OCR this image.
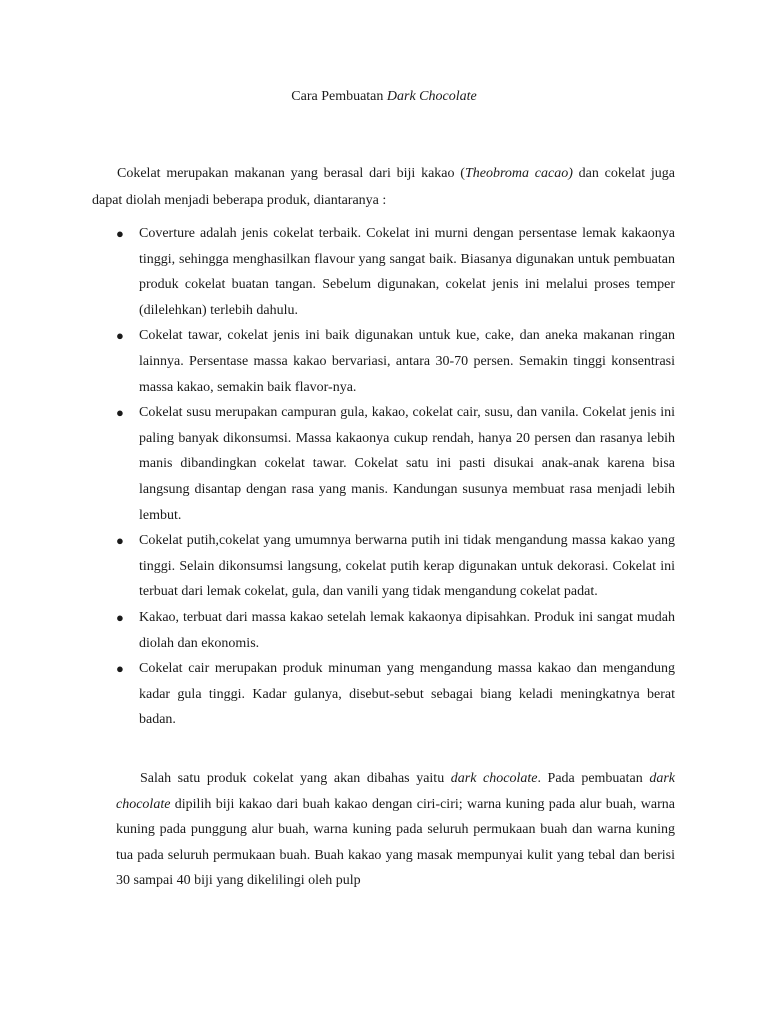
Cara Pembuatan Dark Chocolate

Cokelat merupakan makanan yang berasal dari biji kakao (Theobroma cacao) dan cokelat juga dapat diolah menjadi beberapa produk, diantaranya :

● Coverture adalah jenis cokelat terbaik. Cokelat ini murni dengan persentase lemak kakaonya tinggi, sehingga menghasilkan flavour yang sangat baik. Biasanya digunakan untuk pembuatan produk cokelat buatan tangan. Sebelum digunakan, cokelat jenis ini melalui proses temper (dilelehkan) terlebih dahulu.
● Cokelat tawar, cokelat jenis ini baik digunakan untuk kue, cake, dan aneka makanan ringan lainnya. Persentase massa kakao bervariasi, antara 30-70 persen. Semakin tinggi konsentrasi massa kakao, semakin baik flavor-nya.
● Cokelat susu merupakan campuran gula, kakao, cokelat cair, susu, dan vanila. Cokelat jenis ini paling banyak dikonsumsi. Massa kakaonya cukup rendah, hanya 20 persen dan rasanya lebih manis dibandingkan cokelat tawar. Cokelat satu ini pasti disukai anak-anak karena bisa langsung disantap dengan rasa yang manis. Kandungan susunya membuat rasa menjadi lebih lembut.
● Cokelat putih,cokelat yang umumnya berwarna putih ini tidak mengandung massa kakao yang tinggi. Selain dikonsumsi langsung, cokelat putih kerap digunakan untuk dekorasi. Cokelat ini terbuat dari lemak cokelat, gula, dan vanili yang tidak mengandung cokelat padat.
● Kakao, terbuat dari massa kakao setelah lemak kakaonya dipisahkan. Produk ini sangat mudah diolah dan ekonomis.
● Cokelat cair merupakan produk minuman yang mengandung massa kakao dan mengandung kadar gula tinggi. Kadar gulanya, disebut-sebut sebagai biang keladi meningkatnya berat badan.

Salah satu produk cokelat yang akan dibahas yaitu dark chocolate. Pada pembuatan dark chocolate dipilih biji kakao dari buah kakao dengan ciri-ciri; warna kuning pada alur buah, warna kuning pada punggung alur buah, warna kuning pada seluruh permukaan buah dan warna kuning tua pada seluruh permukaan buah. Buah kakao yang masak mempunyai kulit yang tebal dan berisi 30 sampai 40 biji yang dikelilingi oleh pulp
